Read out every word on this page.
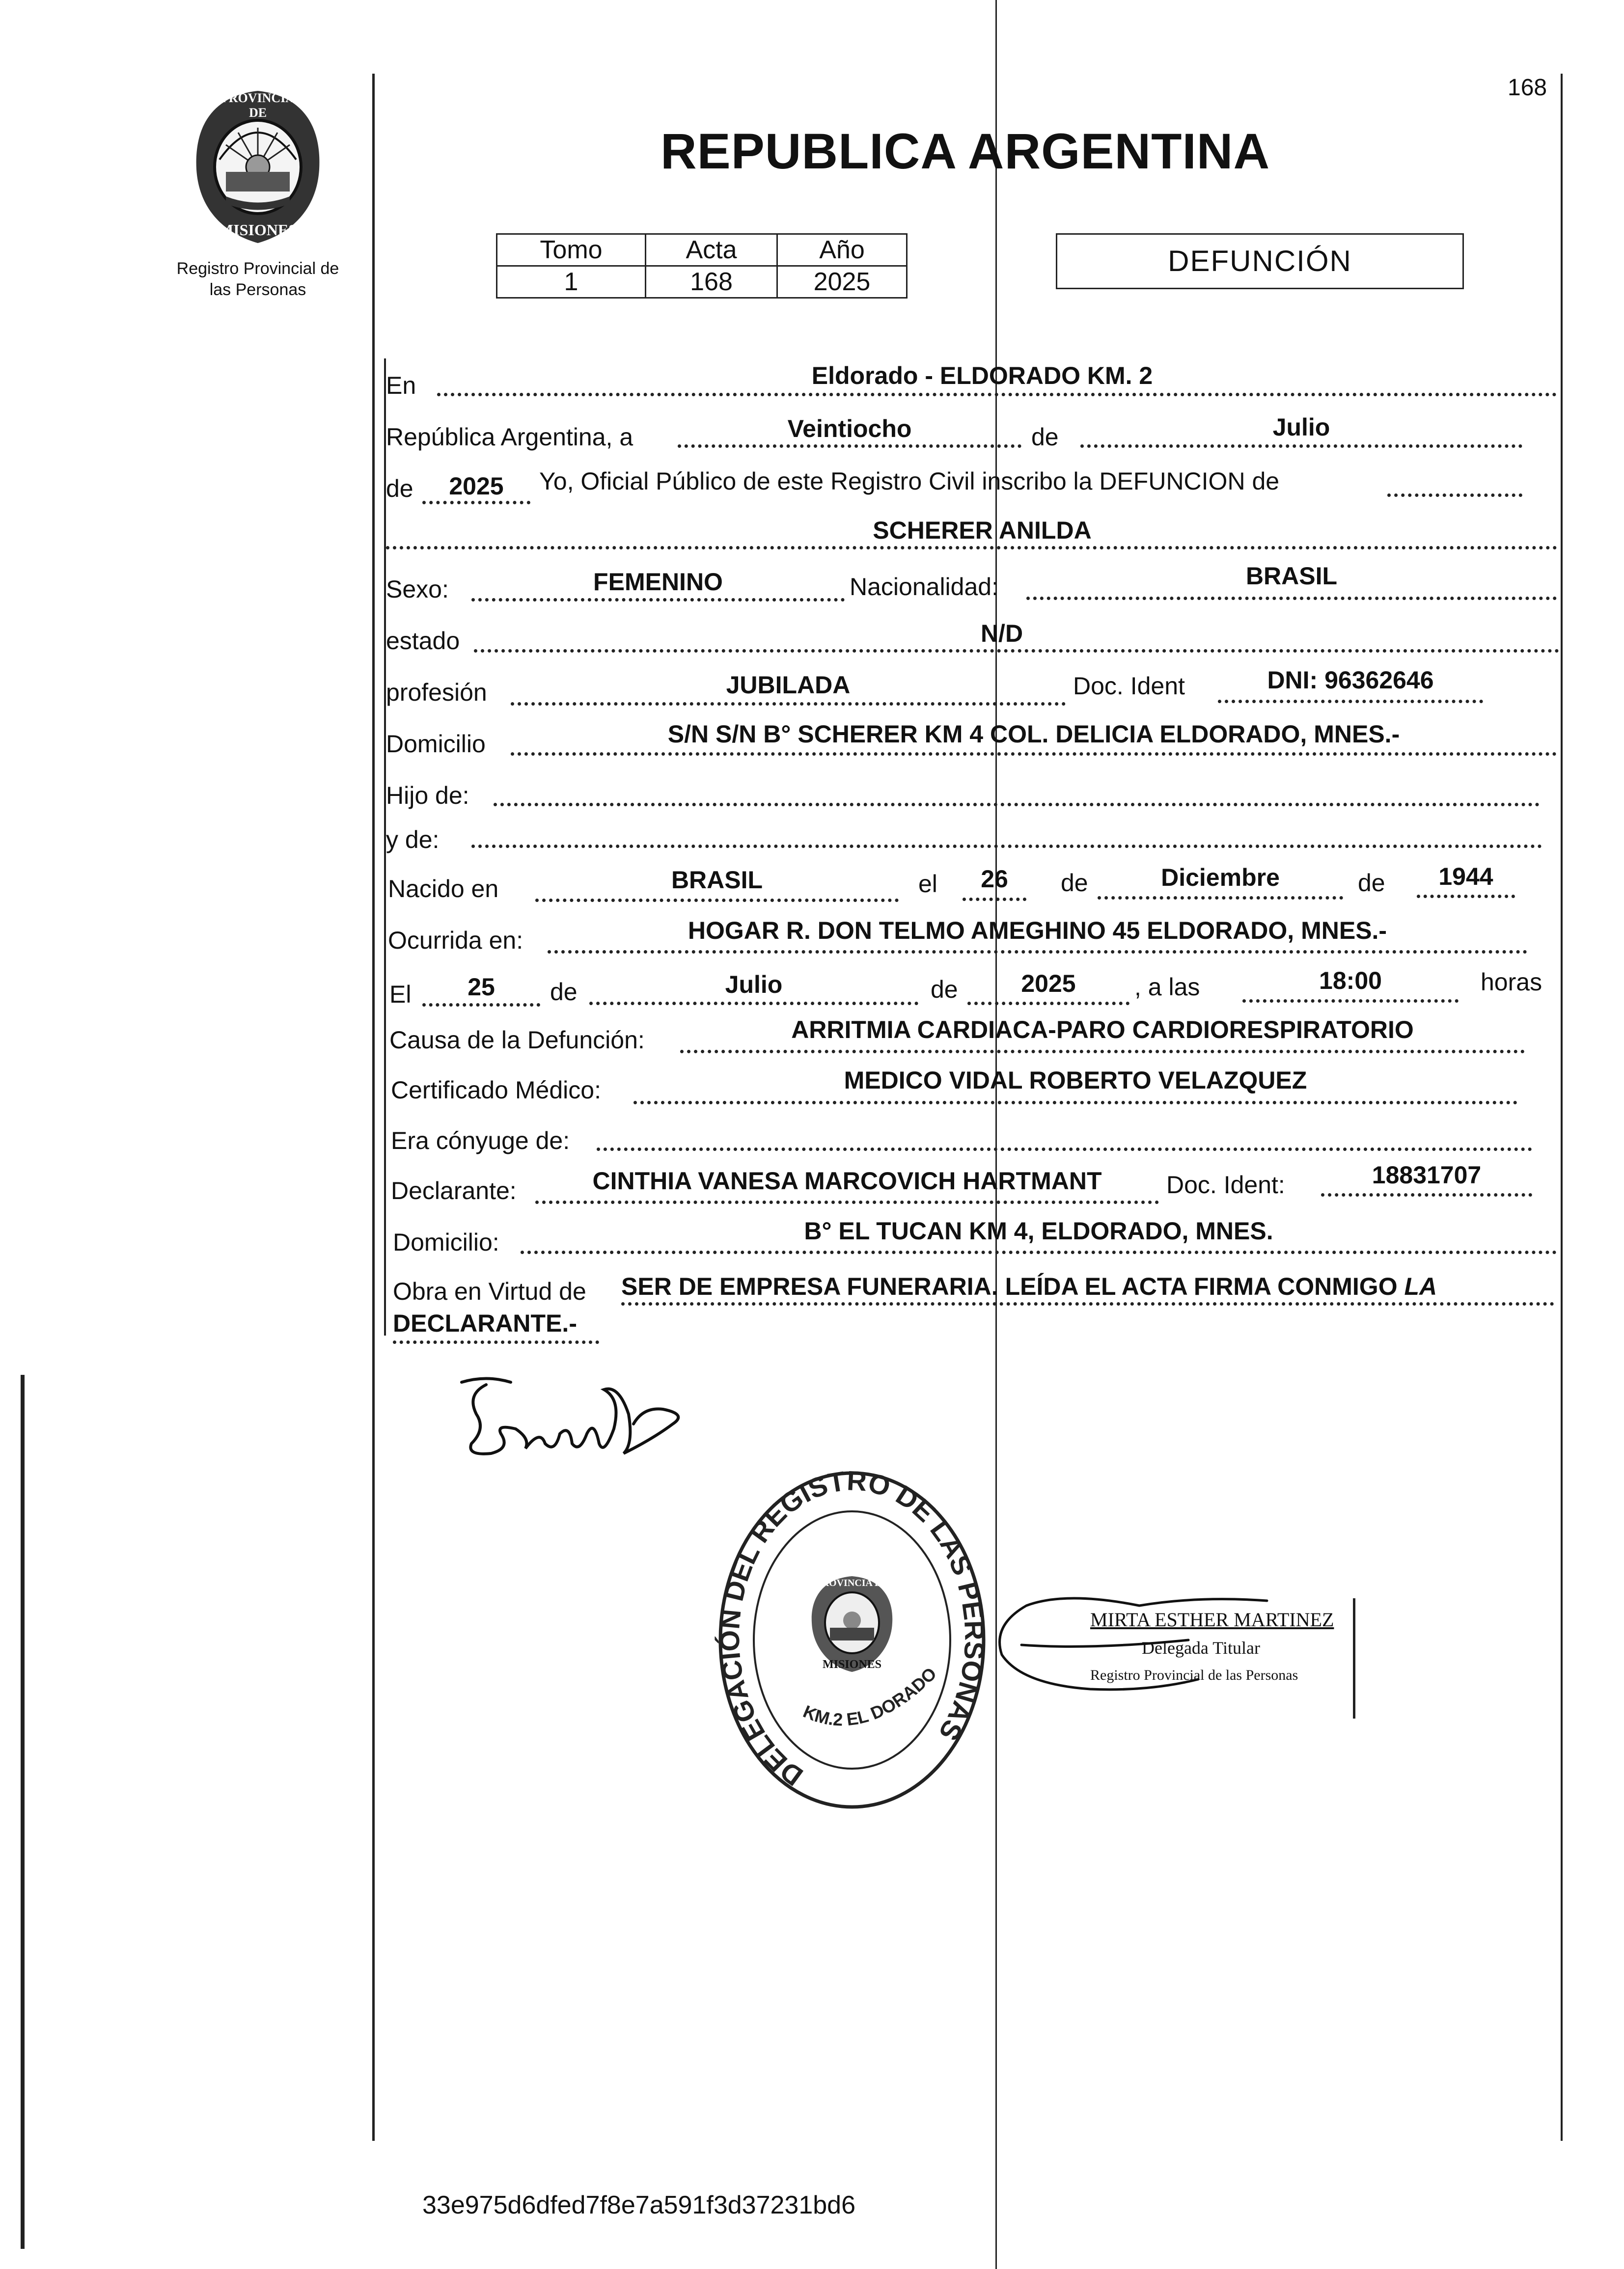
168
PROVINCIA DE
MISIONES
Registro Provincial de
las Personas
REPUBLICA ARGENTINA
Tomo	Acta	Año
1	168	2025
DEFUNCIÓN
En	Eldorado - ELDORADO KM. 2
República Argentina, a	Veintiocho	de	Julio
de	2025	Yo, Oficial Público de este Registro Civil inscribo la DEFUNCION de
SCHERER ANILDA
Sexo:	FEMENINO	Nacionalidad:	BRASIL
estado	N/D
profesión	JUBILADA	Doc. Ident	DNI: 96362646
Domicilio	S/N S/N B° SCHERER KM 4 COL. DELICIA ELDORADO, MNES.-
Hijo de:
y de:
Nacido en	BRASIL	el	26	de	Diciembre	de	1944
Ocurrida en:	HOGAR R. DON TELMO AMEGHINO 45 ELDORADO, MNES.-
El	25	de	Julio	de	2025	, a las	18:00	horas
Causa de la Defunción:	ARRITMIA CARDIACA-PARO CARDIORESPIRATORIO
Certificado Médico:	MEDICO VIDAL ROBERTO VELAZQUEZ
Era cónyuge de:
Declarante:	CINTHIA VANESA MARCOVICH HARTMANT	Doc. Ident:	18831707
Domicilio:	B° EL TUCAN KM 4, ELDORADO, MNES.
Obra en Virtud de SER DE EMPRESA FUNERARIA. LEÍDA EL ACTA FIRMA CONMIGO LA
DECLARANTE.-
DELEGACIÓN DEL REGISTRO DE LAS PERSONAS
KM.2 EL DORADO
PROVINCIA DE
MISIONES
MIRTA ESTHER MARTINEZ
Delegada Titular
Registro Provincial de las Personas
33e975d6dfed7f8e7a591f3d37231bd6
